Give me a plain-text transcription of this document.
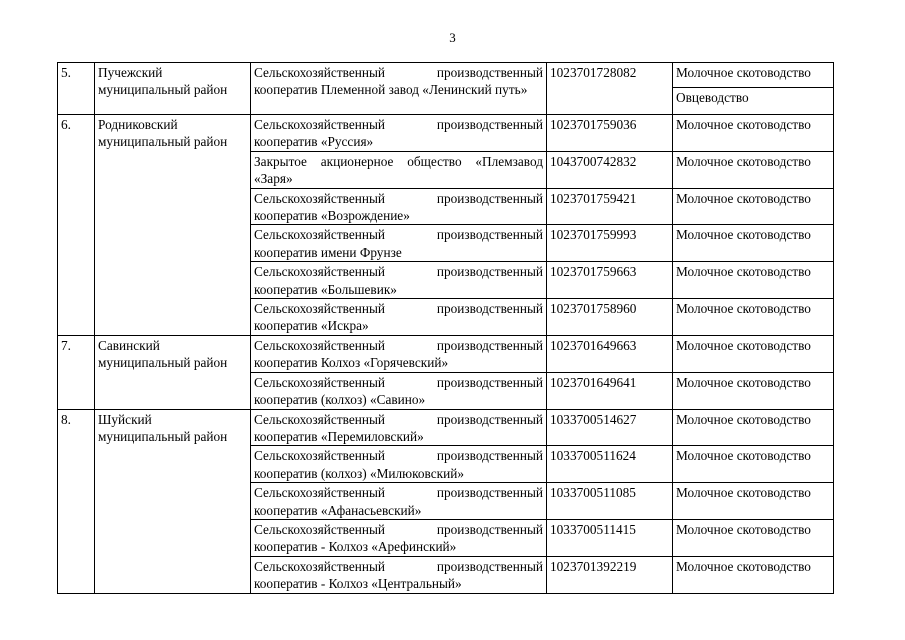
3
5.	Пучежский муниципальный район	Сельскохозяйственный производственный кооператив Племенной завод «Ленинский путь»	1023701728082	Молочное скотоводство
				Овцеводство
6.	Родниковский муниципальный район	Сельскохозяйственный производственный кооператив «Руссия»	1023701759036	Молочное скотоводство
		Закрытое акционерное общество «Племзавод «Заря»	1043700742832	Молочное скотоводство
		Сельскохозяйственный производственный кооператив «Возрождение»	1023701759421	Молочное скотоводство
		Сельскохозяйственный производственный кооператив имени Фрунзе	1023701759993	Молочное скотоводство
		Сельскохозяйственный производственный кооператив «Большевик»	1023701759663	Молочное скотоводство
		Сельскохозяйственный производственный кооператив «Искра»	1023701758960	Молочное скотоводство
7.	Савинский муниципальный район	Сельскохозяйственный производственный кооператив Колхоз «Горячевский»	1023701649663	Молочное скотоводство
		Сельскохозяйственный производственный кооператив (колхоз) «Савино»	1023701649641	Молочное скотоводство
8.	Шуйский муниципальный район	Сельскохозяйственный производственный кооператив «Перемиловский»	1033700514627	Молочное скотоводство
		Сельскохозяйственный производственный кооператив (колхоз) «Милюковский»	1033700511624	Молочное скотоводство
		Сельскохозяйственный производственный кооператив «Афанасьевский»	1033700511085	Молочное скотоводство
		Сельскохозяйственный производственный кооператив - Колхоз «Арефинский»	1033700511415	Молочное скотоводство
		Сельскохозяйственный производственный кооператив - Колхоз «Центральный»	1023701392219	Молочное скотоводство
